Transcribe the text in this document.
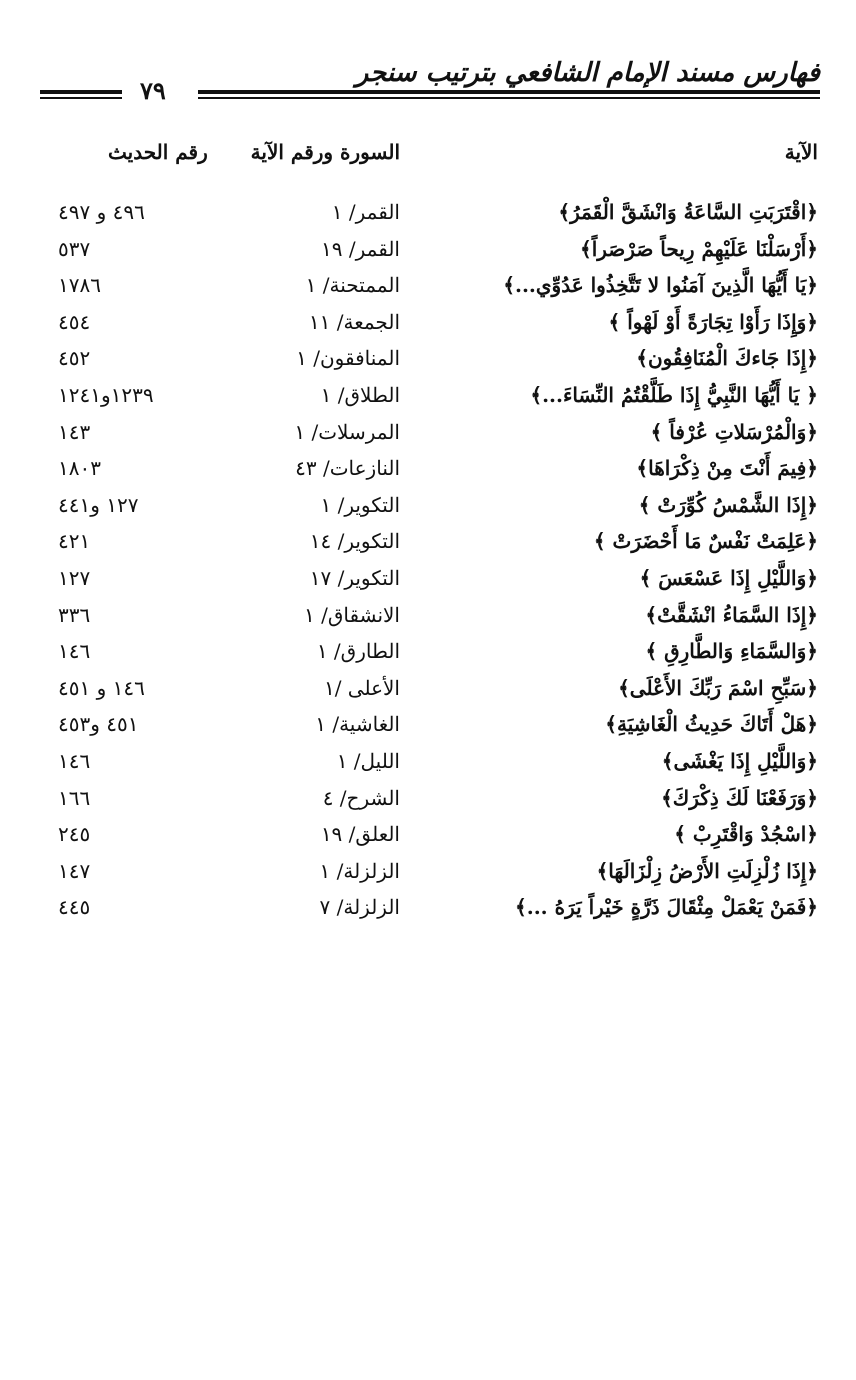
فهارس مسند الإمام الشافعي بترتيب سنجر
٧٩
الآية
السورة ورقم الآية
رقم الحديث
﴿اقْتَرَبَتِ السَّاعَةُ وَانْشَقَّ الْقَمَرُ﴾
القمر/ ١
٤٩٦ و ٤٩٧
﴿أَرْسَلْنَا عَلَيْهِمْ رِيحاً صَرْصَراً﴾
القمر/ ١٩
٥٣٧
﴿يَا أَيُّهَا الَّذِينَ آمَنُوا لا تَتَّخِذُوا عَدُوِّي...﴾
الممتحنة/ ١
١٧٨٦
﴿وَإِذَا رَأَوْا تِجَارَةً أَوْ لَهْواً ﴾
الجمعة/ ١١
٤٥٤
﴿إِذَا جَاءكَ الْمُنَافِقُون﴾
المنافقون/ ١
٤٥٢
﴿ يَا أَيُّهَا النَّبِيُّ إِذَا طَلَّقْتُمُ النِّسَاءَ...﴾
الطلاق/ ١
١٢٣٩و١٢٤١
﴿وَالْمُرْسَلاتِ عُرْفاً ﴾
المرسلات/ ١
١٤٣
﴿فِيمَ أَنْتَ مِنْ ذِكْرَاهَا﴾
النازعات/ ٤٣
١٨٠٣
﴿إِذَا الشَّمْسُ كُوِّرَتْ ﴾
التكوير/ ١
١٢٧ و٤٤١
﴿عَلِمَتْ نَفْسٌ مَا أَحْضَرَتْ ﴾
التكوير/ ١٤
٤٢١
﴿وَاللَّيْلِ إِذَا عَسْعَسَ ﴾
التكوير/ ١٧
١٢٧
﴿إِذَا السَّمَاءُ انْشَقَّتْ﴾
الانشقاق/ ١
٣٣٦
﴿وَالسَّمَاءِ وَالطَّارِقِ ﴾
الطارق/ ١
١٤٦
﴿سَبِّحِ اسْمَ رَبِّكَ الأَعْلَى﴾
الأعلى /١
١٤٦ و ٤٥١
﴿هَلْ أَتَاكَ حَدِيثُ الْغَاشِيَةِ﴾
الغاشية/ ١
٤٥١ و٤٥٣
﴿وَاللَّيْلِ إِذَا يَغْشَى﴾
الليل/ ١
١٤٦
﴿وَرَفَعْنَا لَكَ ذِكْرَكَ﴾
الشرح/ ٤
١٦٦
﴿اسْجُدْ وَاقْتَرِبْ ﴾
العلق/ ١٩
٢٤٥
﴿إِذَا زُلْزِلَتِ الأَرْضُ زِلْزَالَهَا﴾
الزلزلة/ ١
١٤٧
﴿فَمَنْ يَعْمَلْ مِثْقَالَ ذَرَّةٍ خَيْراً يَرَهُ ...﴾
الزلزلة/ ٧
٤٤٥
